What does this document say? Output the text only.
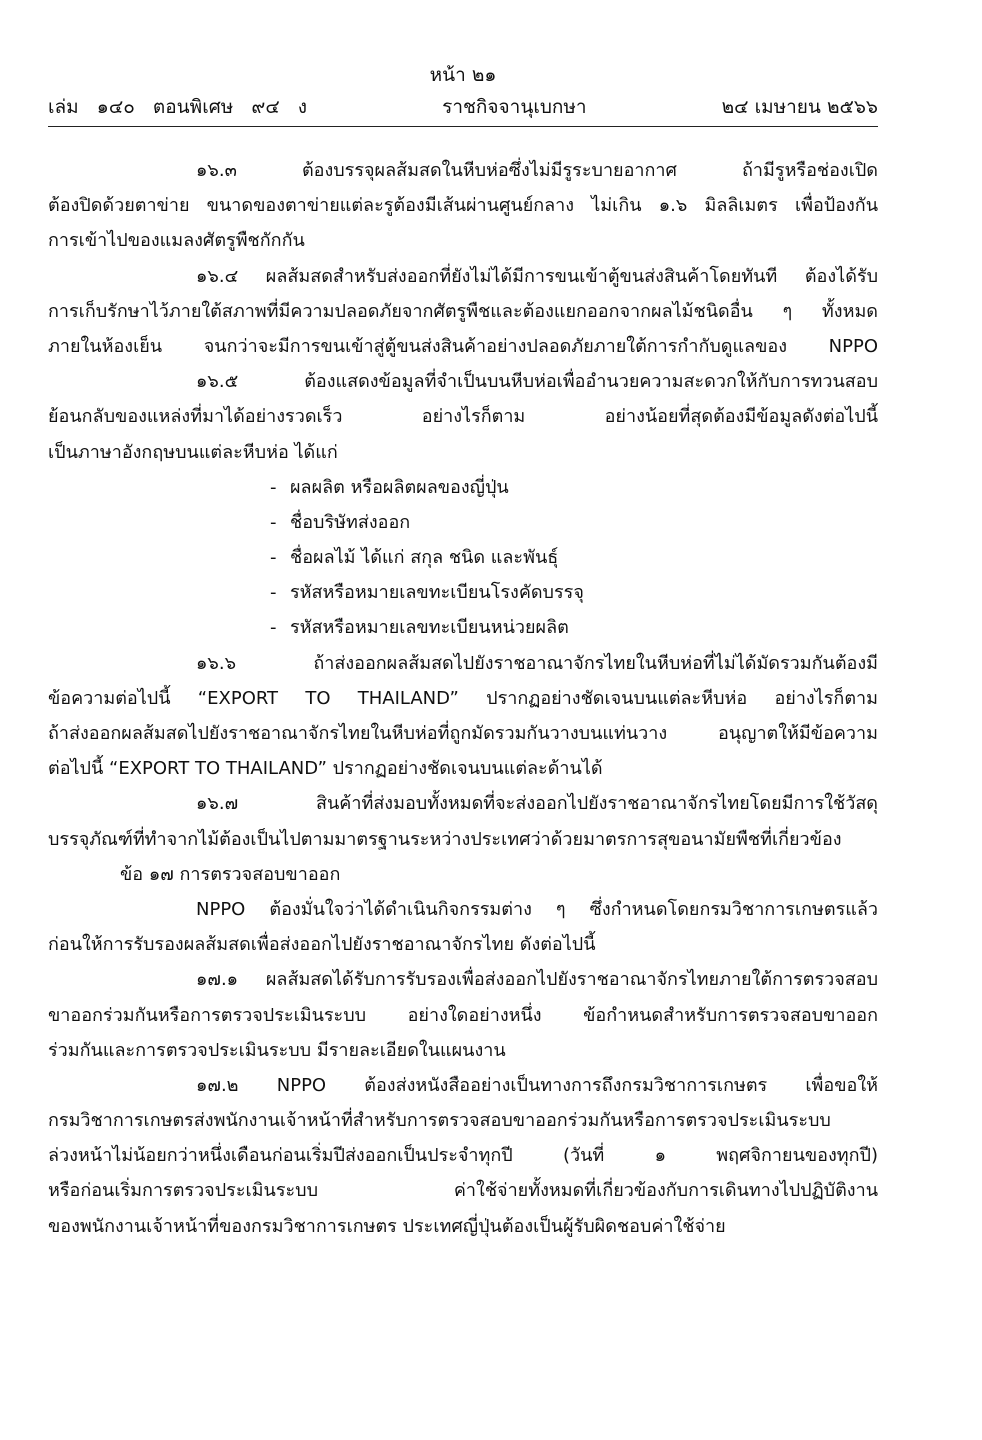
หน้า ๒๑
เล่ม   ๑๔๐   ตอนพิเศษ   ๙๔   ง	ราชกิจจานุเบกษา	๒๔ เมษายน ๒๕๖๖
๑๖.๓ ต้องบรรจุผลส้มสดในหีบห่อซึ่งไม่มีรูระบายอากาศ ถ้ามีรูหรือช่องเปิด
ต้องปิดด้วยตาข่าย ขนาดของตาข่ายแต่ละรูต้องมีเส้นผ่านศูนย์กลาง ไม่เกิน ๑.๖ มิลลิเมตร เพื่อป้องกัน
การเข้าไปของแมลงศัตรูพืชกักกัน
๑๖.๔ ผลส้มสดสำหรับส่งออกที่ยังไม่ได้มีการขนเข้าตู้ขนส่งสินค้าโดยทันที ต้องได้รับ
การเก็บรักษาไว้ภายใต้สภาพที่มีความปลอดภัยจากศัตรูพืชและต้องแยกออกจากผลไม้ชนิดอื่น ๆ ทั้งหมด
ภายในห้องเย็น จนกว่าจะมีการขนเข้าสู่ตู้ขนส่งสินค้าอย่างปลอดภัยภายใต้การกำกับดูแลของ NPPO
๑๖.๕ ต้องแสดงข้อมูลที่จำเป็นบนหีบห่อเพื่ออำนวยความสะดวกให้กับการทวนสอบ
ย้อนกลับของแหล่งที่มาได้อย่างรวดเร็ว อย่างไรก็ตาม อย่างน้อยที่สุดต้องมีข้อมูลดังต่อไปนี้
เป็นภาษาอังกฤษบนแต่ละหีบห่อ ได้แก่
- ผลผลิต หรือผลิตผลของญี่ปุ่น
- ชื่อบริษัทส่งออก
- ชื่อผลไม้ ได้แก่ สกุล ชนิด และพันธุ์
- รหัสหรือหมายเลขทะเบียนโรงคัดบรรจุ
- รหัสหรือหมายเลขทะเบียนหน่วยผลิต
๑๖.๖ ถ้าส่งออกผลส้มสดไปยังราชอาณาจักรไทยในหีบห่อที่ไม่ได้มัดรวมกันต้องมี
ข้อความต่อไปนี้ “EXPORT TO THAILAND” ปรากฏอย่างชัดเจนบนแต่ละหีบห่อ อย่างไรก็ตาม
ถ้าส่งออกผลส้มสดไปยังราชอาณาจักรไทยในหีบห่อที่ถูกมัดรวมกันวางบนแท่นวาง อนุญาตให้มีข้อความ
ต่อไปนี้ “EXPORT TO THAILAND” ปรากฏอย่างชัดเจนบนแต่ละด้านได้
๑๖.๗ สินค้าที่ส่งมอบทั้งหมดที่จะส่งออกไปยังราชอาณาจักรไทยโดยมีการใช้วัสดุ
บรรจุภัณฑ์ที่ทำจากไม้ต้องเป็นไปตามมาตรฐานระหว่างประเทศว่าด้วยมาตรการสุขอนามัยพืชที่เกี่ยวข้อง
ข้อ ๑๗ การตรวจสอบขาออก
NPPO ต้องมั่นใจว่าได้ดำเนินกิจกรรมต่าง ๆ ซึ่งกำหนดโดยกรมวิชาการเกษตรแล้ว
ก่อนให้การรับรองผลส้มสดเพื่อส่งออกไปยังราชอาณาจักรไทย ดังต่อไปนี้
๑๗.๑ ผลส้มสดได้รับการรับรองเพื่อส่งออกไปยังราชอาณาจักรไทยภายใต้การตรวจสอบ
ขาออกร่วมกันหรือการตรวจประเมินระบบ อย่างใดอย่างหนึ่ง ข้อกำหนดสำหรับการตรวจสอบขาออก
ร่วมกันและการตรวจประเมินระบบ มีรายละเอียดในแผนงาน
๑๗.๒ NPPO ต้องส่งหนังสืออย่างเป็นทางการถึงกรมวิชาการเกษตร เพื่อขอให้
กรมวิชาการเกษตรส่งพนักงานเจ้าหน้าที่สำหรับการตรวจสอบขาออกร่วมกันหรือการตรวจประเมินระบบ
ล่วงหน้าไม่น้อยกว่าหนึ่งเดือนก่อนเริ่มปีส่งออกเป็นประจำทุกปี (วันที่ ๑ พฤศจิกายนของทุกปี)
หรือก่อนเริ่มการตรวจประเมินระบบ ค่าใช้จ่ายทั้งหมดที่เกี่ยวข้องกับการเดินทางไปปฏิบัติงาน
ของพนักงานเจ้าหน้าที่ของกรมวิชาการเกษตร ประเทศญี่ปุ่นต้องเป็นผู้รับผิดชอบค่าใช้จ่าย
